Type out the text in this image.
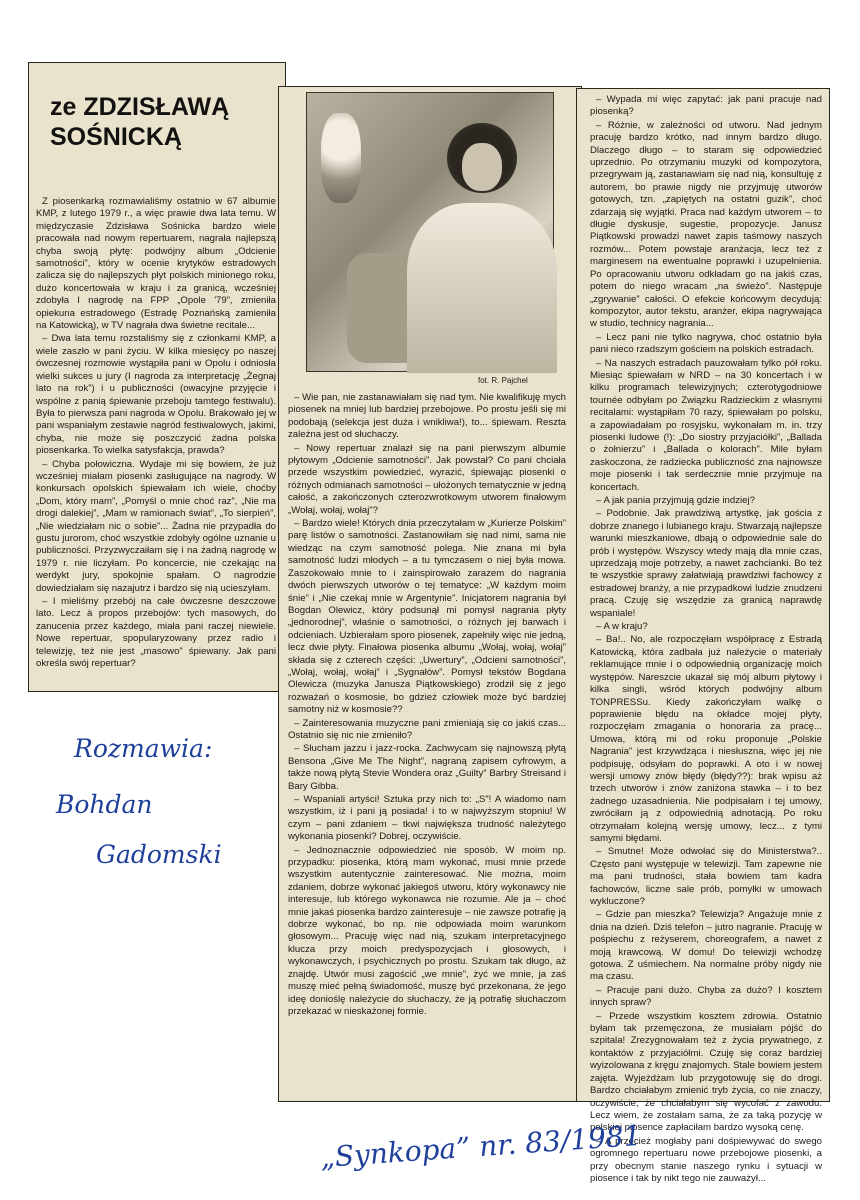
ze ZDZISŁAWĄ
SOŚNICKĄ

Z piosenkarką rozmawialiśmy ostatnio w 67 albumie KMP, z lutego 1979 r., a więc prawie dwa lata temu. W międzyczasie Zdzisława Sośnicka bardzo wiele pracowała nad nowym repertuarem, nagrała najlepszą chyba swoją płytę: podwójny album „Odcienie samotności”, który w ocenie krytyków estradowych zalicza się do najlepszych płyt polskich minionego roku, dużo koncertowała w kraju i za granicą, wcześniej zdobyła I nagrodę na FPP „Opole '79”, zmieniła opiekuna estradowego (Estradę Poznańską zamieniła na Katowicką), w TV nagrała dwa świetne recitale...

– Dwa lata temu rozstaliśmy się z członkami KMP, a wiele zaszło w pani życiu. W kilka miesięcy po naszej ówczesnej rozmowie wystąpiła pani w Opolu i odniosła wielki sukces u jury (I nagroda za interpretację „Żegnaj lato na rok”) i u publiczności (owacyjne przyjęcie i wspólne z panią śpiewanie przeboju tamtego festiwalu). Była to pierwsza pani nagroda w Opolu. Brakowało jej w pani wspaniałym zestawie nagród festiwalowych, jakimi, chyba, nie może się poszczycić żadna polska piosenkarka. To wielka satysfakcja, prawda?

– Chyba połowiczna. Wydaje mi się bowiem, że już wcześniej miałam piosenki zasługujące na nagrody. W konkursach opolskich śpiewałam ich wiele, choćby „Dom, który mam”, „Pomyśl o mnie choć raz”, „Nie ma drogi dalekiej”, „Mam w ramionach świat”, „To sierpień”, „Nie wiedziałam nic o sobie”... Żadna nie przypadła do gustu jurorom, choć wszystkie zdobyły ogólne uznanie u publiczności. Przyzwyczaiłam się i na żadną nagrodę w 1979 r. nie liczyłam. Po koncercie, nie czekając na werdykt jury, spokojnie spałam. O nagrodzie dowiedziałam się nazajutrz i bardzo się nią ucieszyłam.

– I mieliśmy przebój na całe ówczesne deszczowe lato. Lecz à propos przebojów: tych masowych, do zanucenia przez każdego, miała pani raczej niewiele. Nowe repertuar, spopularyzowany przez radio i telewizję, też nie jest „masowo” śpiewany. Jak pani określa swój repertuar?

fot. R. Pajchel

– Wie pan, nie zastanawiałam się nad tym. Nie kwalifikuję mych piosenek na mniej lub bardziej przebojowe. Po prostu jeśli się mi podobają (selekcja jest duża i wnikliwa!), to... śpiewam. Reszta zależna jest od słuchaczy.

– Nowy repertuar znalazł się na pani pierwszym albumie płytowym „Odcienie samotności”. Jak powstał? Co pani chciała przede wszystkim powiedzieć, wyrazić, śpiewając piosenki o różnych odmianach samotności – ułożonych tematycznie w jedną całość, a zakończonych czterozwrotkowym utworem finałowym „Wołaj, wołaj, wołaj”?

– Bardzo wiele! Których dnia przeczytałam w „Kurierze Polskim” parę listów o samotności. Zastanowiłam się nad nimi, sama nie wiedząc na czym samotność polega. Nie znana mi była samotność ludzi młodych – a tu tymczasem o niej była mowa. Zaszokowało mnie to i zainspirowało zarazem do nagrania dwóch pierwszych utworów o tej tematyce: „W każdym moim śnie” i „Nie czekaj mnie w Argentynie”. Inicjatorem nagrania był Bogdan Olewicz, który podsunął mi pomysł nagrania płyty „jednorodnej”, właśnie o samotności, o różnych jej barwach i odcieniach. Uzbierałam sporo piosenek, zapełniły więc nie jedną, lecz dwie płyty. Finałowa piosenka albumu „Wołaj, wołaj, wołaj” składa się z czterech części: „Uwertury”, „Odcieni samotności”, „Wołaj, wołaj, wołaj” i „Sygnałów”. Pomysł tekstów Bogdana Olewicza (muzyka Janusza Piątkowskiego) zrodził się z jego rozważań o kosmosie, bo gdzież człowiek może być bardziej samotny niż w kosmosie??

– Zainteresowania muzyczne pani zmieniają się co jakiś czas... Ostatnio się nic nie zmieniło?

– Słucham jazzu i jazz-rocka. Zachwycam się najnowszą płytą Bensona „Give Me The Night”, nagraną zapisem cyfrowym, a także nową płytą Stevie Wondera oraz „Guilty” Barbry Streisand i Bary Gibba.

– Wspaniali artyści! Sztuka przy nich to: „S”! A wiadomo nam wszystkim, iż i pani ją posiada! i to w najwyższym stopniu! W czym – pani zdaniem – tkwi największa trudność należytego wykonania piosenki? Dobrej, oczywiście.

– Jednoznacznie odpowiedzieć nie sposób. W moim np. przypadku: piosenka, którą mam wykonać, musi mnie przede wszystkim autentycznie zainteresować. Nie można, moim zdaniem, dobrze wykonać jakiegoś utworu, który wykonawcy nie interesuje, lub którego wykonawca nie rozumie. Ale ja – choć mnie jakaś piosenka bardzo zainteresuje – nie zawsze potrafię ją dobrze wykonać, bo np. nie odpowiada moim warunkom głosowym... Pracuję więc nad nią, szukam interpretacyjnego klucza przy moich predyspozycjach i głosowych, i wykonawczych, i psychicznych po prostu. Szukam tak długo, aż znajdę. Utwór musi zagościć „we mnie”, żyć we mnie, ja zaś muszę mieć pełną świadomość, muszę być przekonana, że jego ideę donioślę należycie do słuchaczy, że ją potrafię słuchaczom przekazać w nieskażonej formie.

– Wypada mi więc zapytać: jak pani pracuje nad piosenką?

– Różnie, w zależności od utworu. Nad jednym pracuję bardzo krótko, nad innym bardzo długo. Dlaczego długo – to staram się odpowiedzieć uprzednio. Po otrzymaniu muzyki od kompozytora, przegrywam ją, zastanawiam się nad nią, konsultuję z autorem, bo prawie nigdy nie przyjmuję utworów gotowych, tzn. „zapiętych na ostatni guzik”, choć zdarzają się wyjątki. Praca nad każdym utworem – to długie dyskusje, sugestie, propozycje. Janusz Piątkowski prowadzi nawet zapis taśmowy naszych rozmów... Potem powstaje aranżacja, lecz też z marginesem na ewentualne poprawki i uzupełnienia. Po opracowaniu utworu odkładam go na jakiś czas, potem do niego wracam „na świeżo”. Następuje „zgrywanie” całości. O efekcie końcowym decydują: kompozytor, autor tekstu, aranżer, ekipa nagrywająca w studio, technicy nagrania...

– Lecz pani nie tylko nagrywa, choć ostatnio była pani nieco rzadszym gościem na polskich estradach.

– Na naszych estradach pauzowałam tylko pół roku. Miesiąc śpiewałam w NRD – na 30 koncertach i w kilku programach telewizyjnych; czterotygodniowe tournée odbyłam po Związku Radzieckim z własnymi recitalami: wystąpiłam 70 razy, śpiewałam po polsku, a zapowiadałam po rosyjsku, wykonałam m. in. trzy piosenki ludowe (!): „Do siostry przyjaciółki”, „Ballada o żołnierzu” i „Ballada o kolorach”. Mile byłam zaskoczona, że radziecka publiczność zna najnowsze moje piosenki i tak serdecznie mnie przyjmuje na koncertach.

– A jak pania przyjmują gdzie indziej?

– Podobnie. Jak prawdziwą artystkę, jak gościa z dobrze znanego i lubianego kraju. Stwarzają najlepsze warunki mieszkaniowe, dbają o odpowiednie sale do prób i występów. Wszyscy wtedy mają dla mnie czas, uprzedzają moje potrzeby, a nawet zachcianki. Bo też te wszystkie sprawy załatwiają prawdziwi fachowcy z estradowej branży, a nie przypadkowi ludzie znudzeni pracą. Czuję się wszędzie za granicą naprawdę wspaniale!

– A w kraju?

– Ba!.. No, ale rozpoczęłam współpracę z Estradą Katowicką, która zadbała już należycie o materiały reklamujące mnie i o odpowiednią organizację moich występów. Nareszcie ukazał się mój album płytowy i kilka singli, wśród których podwójny album TONPRESSu. Kiedy zakończyłam walkę o poprawienie błędu na okładce mojej płyty, rozpoczęłam zmagania o honoraria za pracę... Umowa, którą mi od roku proponuje „Polskie Nagrania” jest krzywdząca i niesłuszna, więc jej nie podpisuję, odsyłam do poprawki. A oto i w nowej wersji umowy znów błędy (błędy??): brak wpisu aż trzech utworów i znów zaniżona stawka – i to bez żadnego uzasadnienia. Nie podpisałam i tej umowy, zwróciłam ją z odpowiednią adnotacją. Po roku otrzymałam kolejną wersję umowy, lecz... z tymi samymi błędami.

– Smutne! Może odwołać się do Ministerstwa?.. Często pani występuje w telewizji. Tam zapewne nie ma pani trudności, stała bowiem tam kadra fachowców, liczne sale prób, pomyłki w umowach wykluczone?

– Gdzie pan mieszka? Telewizja? Angażuje mnie z dnia na dzień. Dziś telefon – jutro nagranie. Pracuję w pośpiechu z reżyserem, choreografem, a nawet z moją krawcową. W domu! Do telewizji wchodzę gotowa. Z uśmiechem. Na normalne próby nigdy nie ma czasu.

– Pracuje pani dużo. Chyba za dużo? I kosztem innych spraw?

– Przede wszystkim kosztem zdrowia. Ostatnio byłam tak przemęczona, że musiałam pójść do szpitala! Zrezygnowałam też z życia prywatnego, z kontaktów z przyjaciółmi. Czuję się coraz bardziej wyizolowana z kręgu znajomych. Stale bowiem jestem zajęta. Wyjeżdżam lub przygotowuję się do drogi. Bardzo chciałabym zmienić tryb życia, co nie znaczy, oczywiście, że chciałabym się wycofać z zawodu. Lecz wiem, że zostałam sama, że za taką pozycję w polskiej piosence zapłaciłam bardzo wysoką cenę.

– A przecież mogłaby pani dośpiewywać do swego ogromnego repertuaru nowe przebojowe piosenki, a przy obecnym stanie naszego rynku i sytuacji w piosence i tak by nikt tego nie zauważył...

Rozmawia:
Bohdan
Gadomski
„Synkopa” nr. 83/1981
